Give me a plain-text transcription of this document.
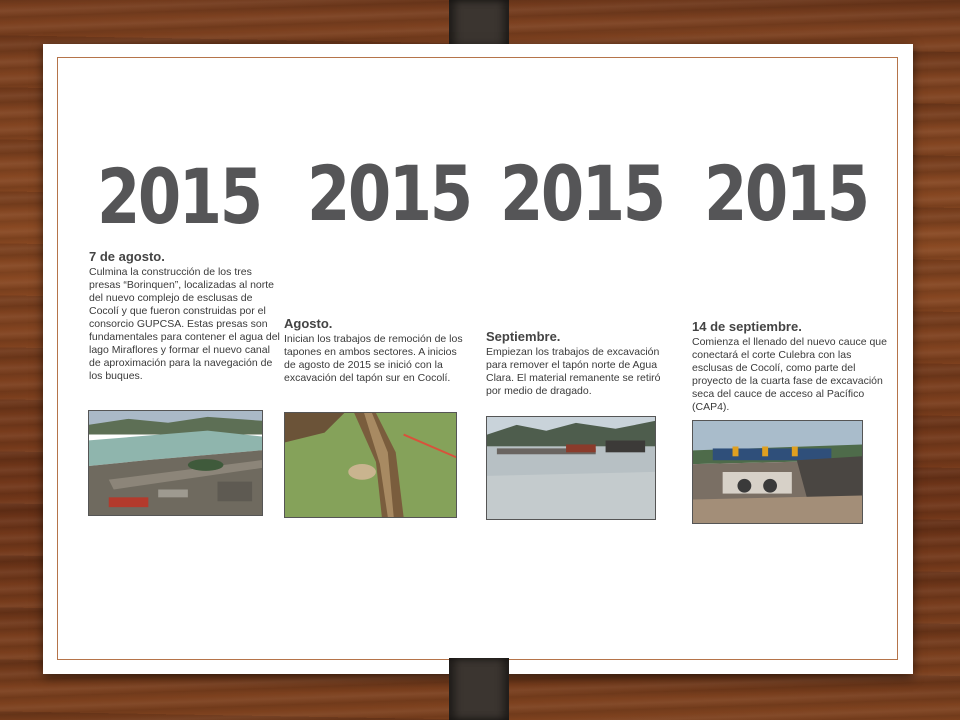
2015

7 de agosto.

Culmina la construcción de los tres presas “Borinquen”, localizadas al norte del nuevo complejo de esclusas de Cocolí y que fueron construidas por el consorcio GUPCSA. Estas presas son fundamentales para contener el agua del lago Miraflores y formar el nuevo canal de aproximación para la navegación de los buques.

2015

Agosto.

Inician los trabajos de remoción de los tapones en ambos sectores. A inicios de agosto de 2015 se inició con la excavación del tapón sur en Cocolí.

2015

Septiembre.

Empiezan los trabajos de excavación para remover el tapón norte de Agua Clara. El material remanente se retiró por medio de dragado.

2015

14 de septiembre.

Comienza el llenado del nuevo cauce que conectará el corte Culebra con las esclusas de Cocolí, como parte del proyecto de la cuarta fase de excavación seca del cauce de acceso al Pacífico (CAP4).
